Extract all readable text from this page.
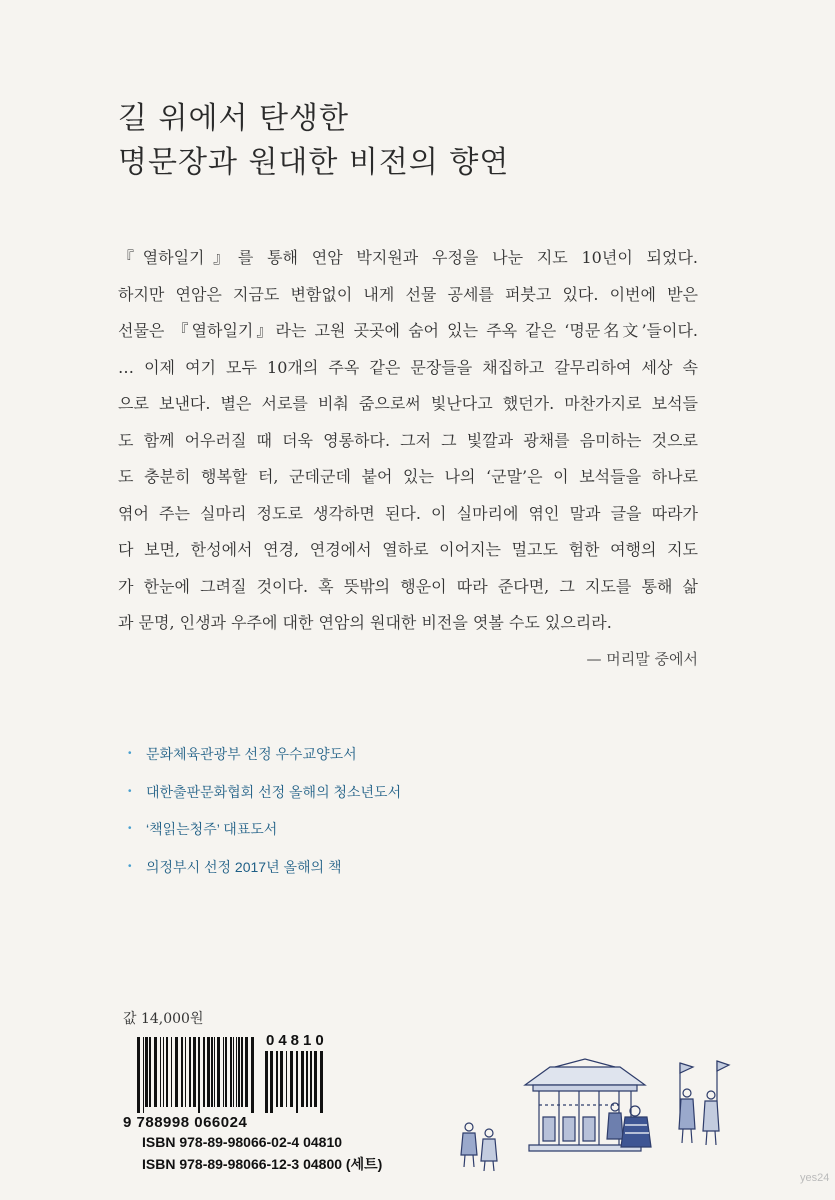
길 위에서 탄생한
명문장과 원대한 비전의 향연

『열하일기』를 통해 연암 박지원과 우정을 나눈 지도 10년이 되었다.

하지만 연암은 지금도 변함없이 내게 선물 공세를 퍼붓고 있다. 이번에 받은

선물은 『열하일기』라는 고원 곳곳에 숨어 있는 주옥 같은 ‘명문名文’들이다.

… 이제 여기 모두 10개의 주옥 같은 문장들을 채집하고 갈무리하여 세상 속

으로 보낸다. 별은 서로를 비춰 줌으로써 빛난다고 했던가. 마찬가지로 보석들

도 함께 어우러질 때 더욱 영롱하다. 그저 그 빛깔과 광채를 음미하는 것으로

도 충분히 행복할 터, 군데군데 붙어 있는 나의 ‘군말’은 이 보석들을 하나로

엮어 주는 실마리 정도로 생각하면 된다. 이 실마리에 엮인 말과 글을 따라가

다 보면, 한성에서 연경, 연경에서 열하로 이어지는 멀고도 험한 여행의 지도

가 한눈에 그려질 것이다. 혹 뜻밖의 행운이 따라 준다면, 그 지도를 통해 삶

과 문명, 인생과 우주에 대한 연암의 원대한 비전을 엿볼 수도 있으리라.

— 머리말 중에서
•	문화체육관광부 선정 우수교양도서
•	대한출판문화협회 선정 올해의 청소년도서
•	‘책읽는청주’ 대표도서
•	의정부시 선정 2017년 올해의 책
값 14,000원
04810
9 788998 066024
ISBN 978-89-98066-02-4 04810
ISBN 978-89-98066-12-3 04800 (세트)
yes24
